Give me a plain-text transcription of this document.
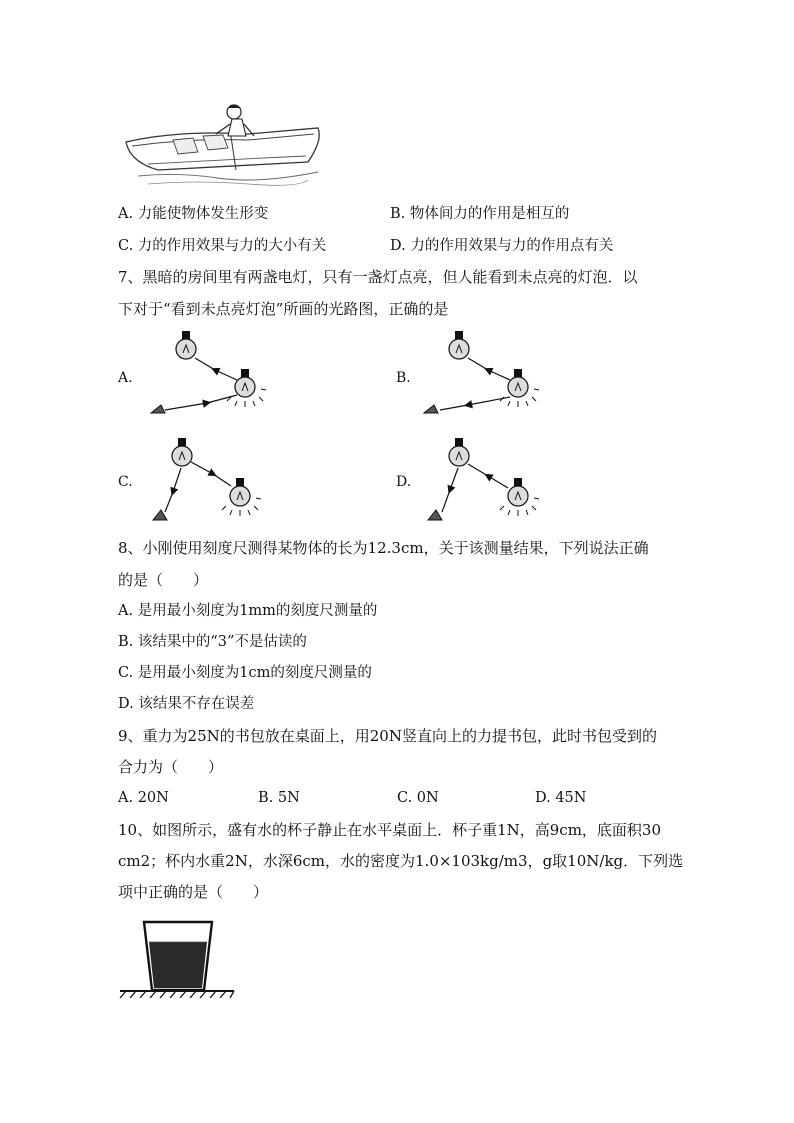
A. 力能使物体发生形变	B. 物体间力的作用是相互的
C. 力的作用效果与力的大小有关	D. 力的作用效果与力的作用点有关
7、黑暗的房间里有两盏电灯，只有一盏灯点亮，但人能看到未点亮的灯泡．以
下对于“看到未点亮灯泡”所画的光路图，正确的是
A.	B.
C.	D.
8、小刚使用刻度尺测得某物体的长为12.3cm，关于该测量结果，下列说法正确
的是（　　）
A. 是用最小刻度为1mm的刻度尺测量的
B. 该结果中的“3”不是估读的
C. 是用最小刻度为1cm的刻度尺测量的
D. 该结果不存在误差
9、重力为25N的书包放在桌面上，用20N竖直向上的力提书包，此时书包受到的
合力为（　　）
A. 20N	B. 5N	C. 0N	D. 45N
10、如图所示，盛有水的杯子静止在水平桌面上．杯子重1N，高9cm，底面积30
cm2；杯内水重2N，水深6cm，水的密度为1.0×103kg/m3，g取10N/kg．下列选
项中正确的是（　　）
